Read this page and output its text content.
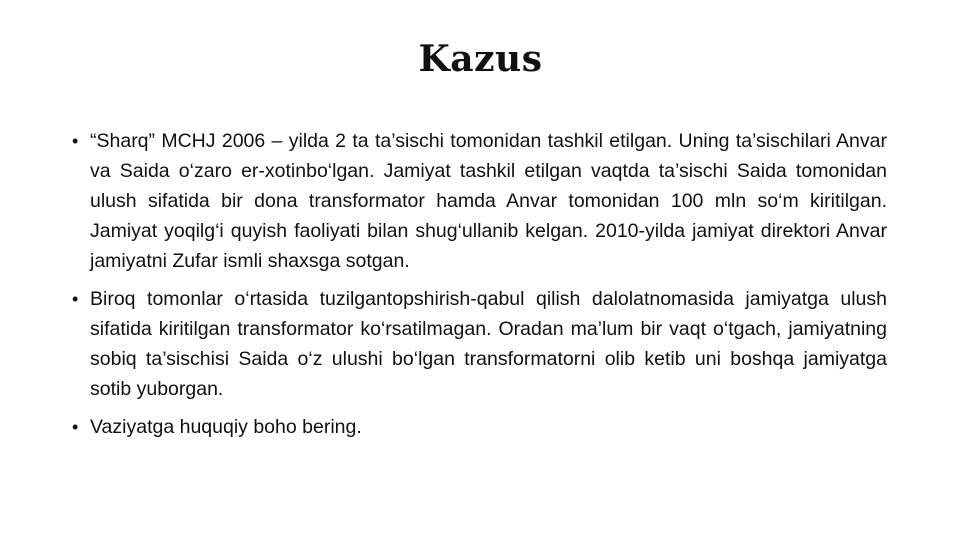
Kazus
• “Sharq” MCHJ 2006 – yilda 2 ta ta’sischi tomonidan tashkil etilgan. Uning ta’sischilari Anvar va Saida o‘zaro er-xotinbo‘lgan. Jamiyat tashkil etilgan vaqtda ta’sischi Saida tomonidan ulush sifatida bir dona transformator hamda Anvar tomonidan 100 mln so‘m kiritilgan. Jamiyat yoqilg‘i quyish faoliyati bilan shug‘ullanib kelgan. 2010-yilda jamiyat direktori Anvar jamiyatni Zufar ismli shaxsga sotgan.
• Biroq tomonlar o‘rtasida tuzilgantopshirish-qabul qilish dalolatnomasida jamiyatga ulush sifatida kiritilgan transformator ko‘rsatilmagan. Oradan ma’lum bir vaqt o‘tgach, jamiyatning sobiq ta’sischisi Saida o‘z ulushi bo‘lgan transformatorni olib ketib uni boshqa jamiyatga sotib yuborgan.
• Vaziyatga huquqiy boho bering.
